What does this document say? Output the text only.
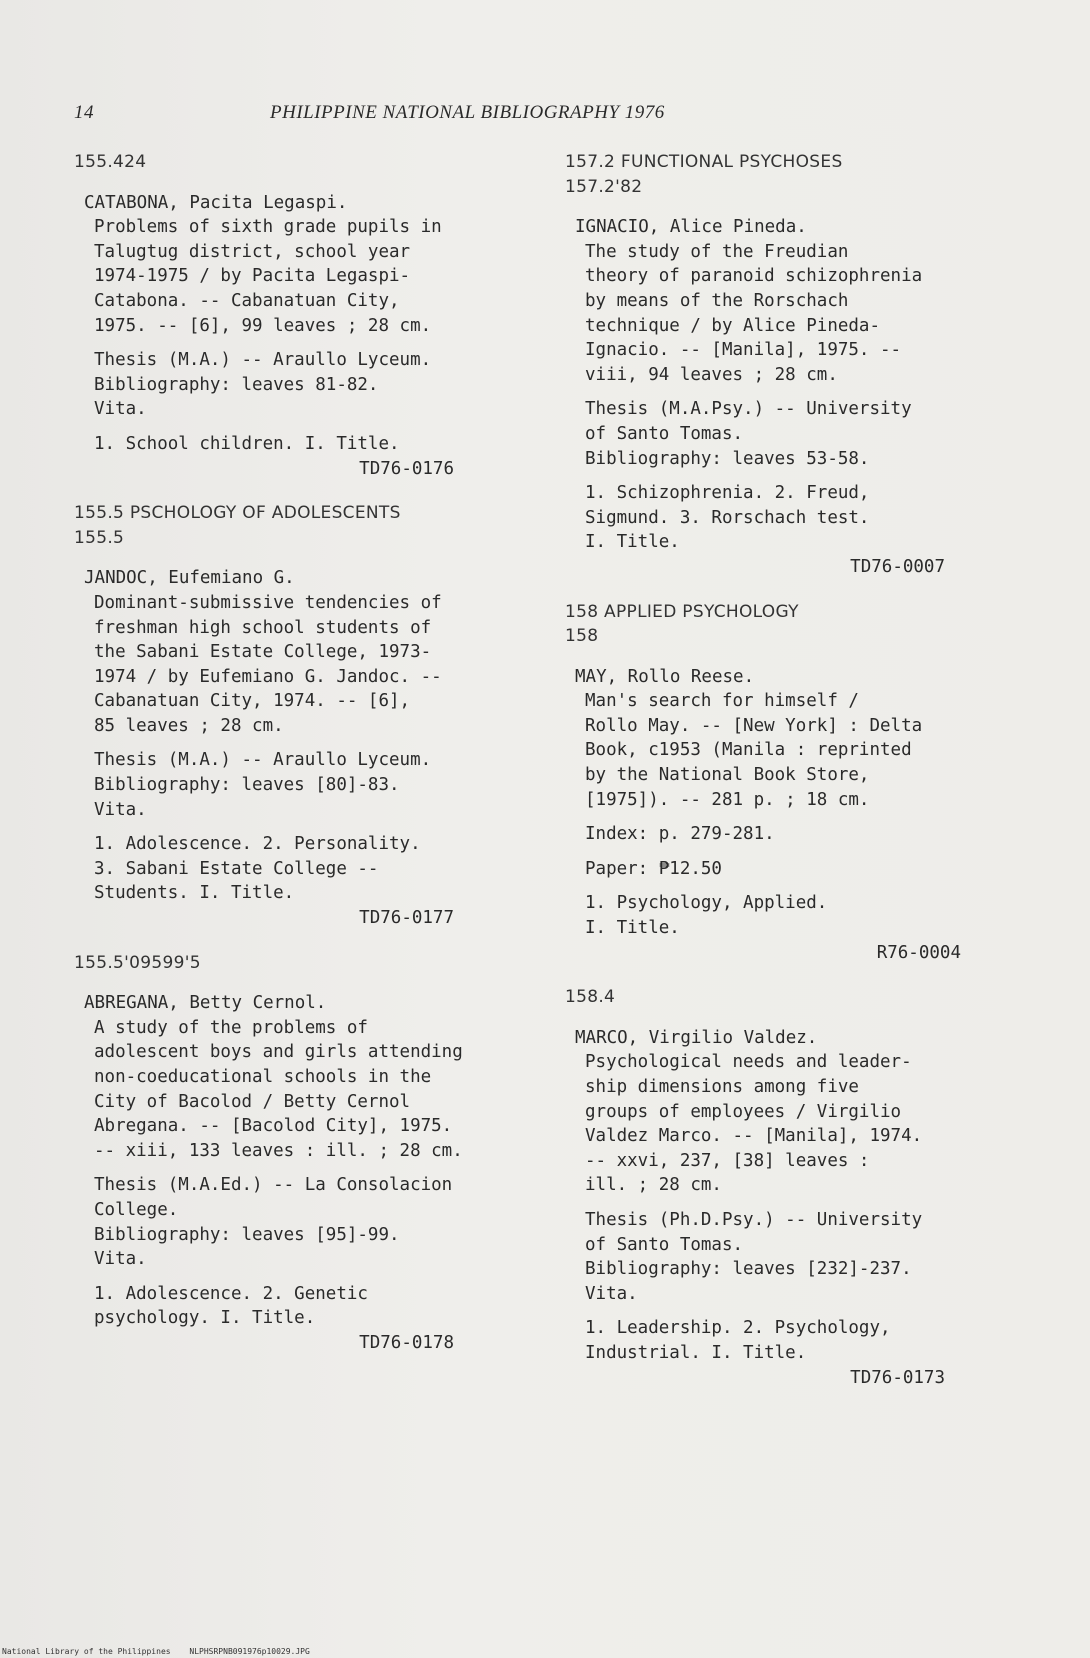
14	PHILIPPINE NATIONAL BIBLIOGRAPHY 1976
155.424

CATABONA, Pacita Legaspi.

Problems of sixth grade pupils in

Talugtug district, school year

1974-1975 / by Pacita Legaspi-

Catabona. -- Cabanatuan City,

1975. -- [6], 99 leaves ; 28 cm.

Thesis (M.A.) -- Araullo Lyceum.

Bibliography: leaves 81-82.

Vita.

1. School children. I. Title.

TD76-0176

155.5 PSCHOLOGY OF ADOLESCENTS
155.5

JANDOC, Eufemiano G.

Dominant-submissive tendencies of

freshman high school students of

the Sabani Estate College, 1973-

1974 / by Eufemiano G. Jandoc. --

Cabanatuan City, 1974. -- [6],

85 leaves ; 28 cm.

Thesis (M.A.) -- Araullo Lyceum.

Bibliography: leaves [80]-83.

Vita.

1. Adolescence. 2. Personality.

3. Sabani Estate College --

Students. I. Title.

TD76-0177

155.5'09599'5

ABREGANA, Betty Cernol.

A study of the problems of

adolescent boys and girls attending

non-coeducational schools in the

City of Bacolod / Betty Cernol

Abregana. -- [Bacolod City], 1975.

-- xiii, 133 leaves : ill. ; 28 cm.

Thesis (M.A.Ed.) -- La Consolacion

College.

Bibliography: leaves [95]-99.

Vita.

1. Adolescence. 2. Genetic

psychology. I. Title.

TD76-0178

157.2 FUNCTIONAL PSYCHOSES
157.2'82

IGNACIO, Alice Pineda.

The study of the Freudian

theory of paranoid schizophrenia

by means of the Rorschach

technique / by Alice Pineda-

Ignacio. -- [Manila], 1975. --

viii, 94 leaves ; 28 cm.

Thesis (M.A.Psy.) -- University

of Santo Tomas.

Bibliography: leaves 53-58.

1. Schizophrenia. 2. Freud,

Sigmund. 3. Rorschach test.

I. Title.

TD76-0007

158 APPLIED PSYCHOLOGY
158

MAY, Rollo Reese.

Man's search for himself /

Rollo May. -- [New York] : Delta

Book, c1953 (Manila : reprinted

by the National Book Store,

[1975]). -- 281 p. ; 18 cm.

Index: p. 279-281.

Paper: ₱12.50

1. Psychology, Applied.

I. Title.

R76-0004

158.4

MARCO, Virgilio Valdez.

Psychological needs and leader-

ship dimensions among five

groups of employees / Virgilio

Valdez Marco. -- [Manila], 1974.

-- xxvi, 237, [38] leaves :

ill. ; 28 cm.

Thesis (Ph.D.Psy.) -- University

of Santo Tomas.

Bibliography: leaves [232]-237.

Vita.

1. Leadership. 2. Psychology,

Industrial. I. Title.

TD76-0173

National Library of the Philippines NLPHSRPNB091976p10029.JPG
